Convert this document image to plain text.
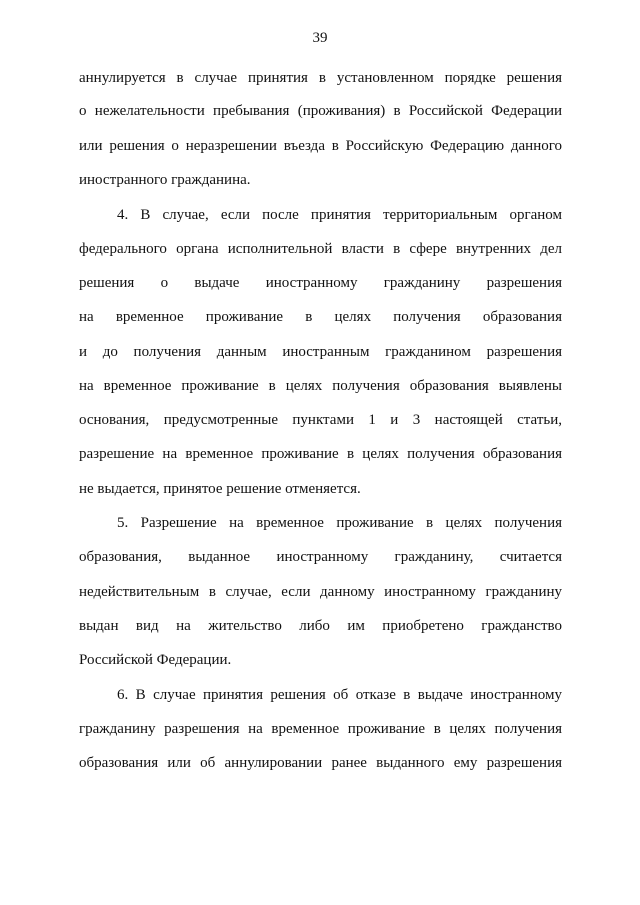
39
аннулируется в случае принятия в установленном порядке решения
о нежелательности пребывания (проживания) в Российской Федерации
или решения о неразрешении въезда в Российскую Федерацию данного
иностранного гражданина.
4. В случае, если после принятия территориальным органом
федерального органа исполнительной власти в сфере внутренних дел
решения о выдаче иностранному гражданину разрешения
на временное проживание в целях получения образования
и до получения данным иностранным гражданином разрешения
на временное проживание в целях получения образования выявлены
основания, предусмотренные пунктами 1 и 3 настоящей статьи,
разрешение на временное проживание в целях получения образования
не выдается, принятое решение отменяется.
5. Разрешение на временное проживание в целях получения
образования, выданное иностранному гражданину, считается
недействительным в случае, если данному иностранному гражданину
выдан вид на жительство либо им приобретено гражданство
Российской Федерации.
6. В случае принятия решения об отказе в выдаче иностранному
гражданину разрешения на временное проживание в целях получения
образования или об аннулировании ранее выданного ему разрешения
